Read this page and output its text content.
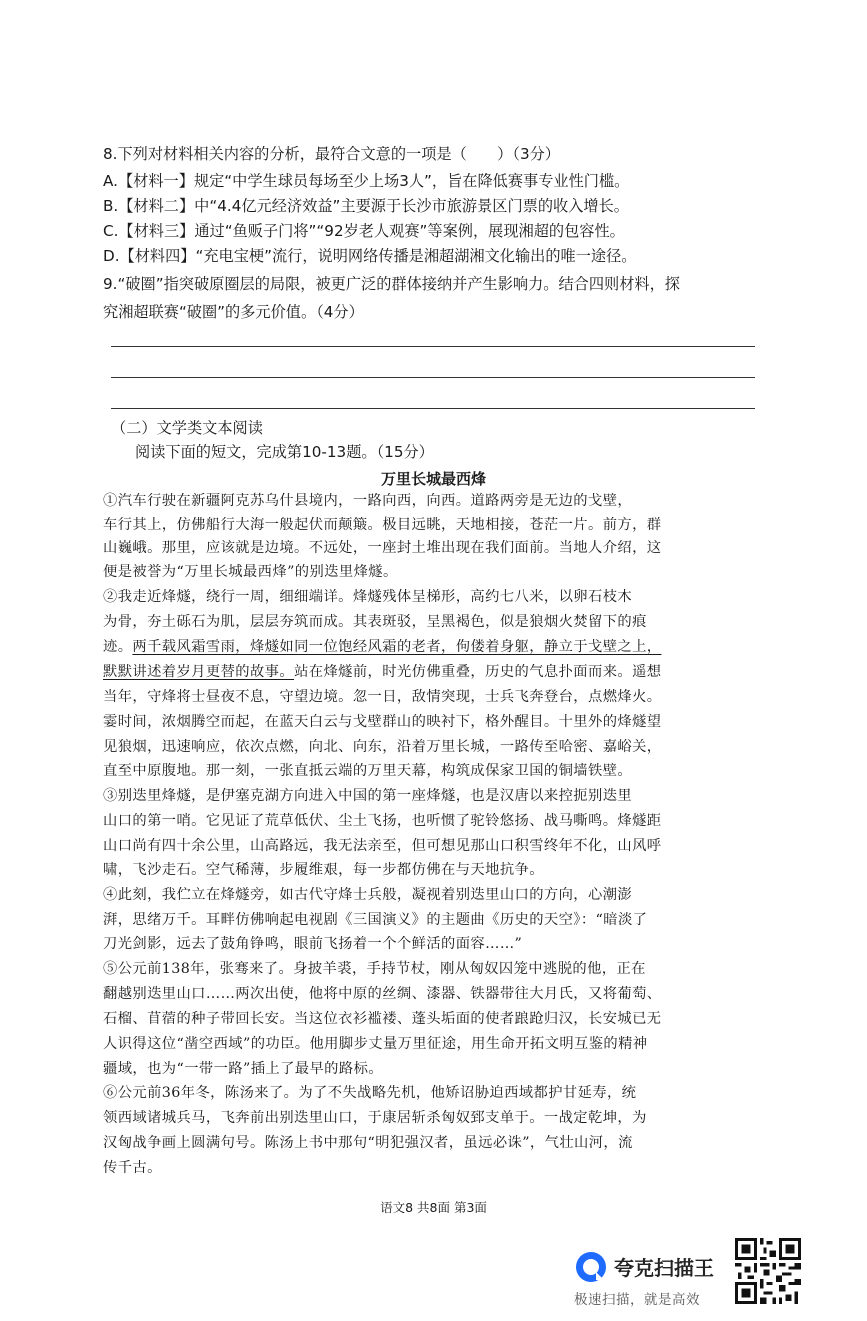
8.下列对材料相关内容的分析，最符合文意的一项是（　　）（3分）
A.【材料一】规定“中学生球员每场至少上场3人”，旨在降低赛事专业性门槛。
B.【材料二】中“4.4亿元经济效益”主要源于长沙市旅游景区门票的收入增长。
C.【材料三】通过“鱼贩子门将”“92岁老人观赛”等案例，展现湘超的包容性。
D.【材料四】“充电宝梗”流行，说明网络传播是湘超湖湘文化输出的唯一途径。
9.“破圈”指突破原圈层的局限，被更广泛的群体接纳并产生影响力。结合四则材料，探
究湘超联赛“破圈”的多元价值。（4分）
（二）文学类文本阅读
阅读下面的短文，完成第10-13题。（15分）
万里长城最西烽
①汽车行驶在新疆阿克苏乌什县境内，一路向西，向西。道路两旁是无边的戈壁，
车行其上，仿佛船行大海一般起伏而颠簸。极目远眺，天地相接，苍茫一片。前方，群
山巍峨。那里，应该就是边境。不远处，一座封土堆出现在我们面前。当地人介绍，这
便是被誉为“万里长城最西烽”的别迭里烽燧。
②我走近烽燧，绕行一周，细细端详。烽燧残体呈梯形，高约七八米，以卵石枝木
为骨，夯土砾石为肌，层层夯筑而成。其表斑驳，呈黑褐色，似是狼烟火焚留下的痕
迹。两千载风霜雪雨，烽燧如同一位饱经风霜的老者，佝偻着身躯，静立于戈壁之上，
默默讲述着岁月更替的故事。站在烽燧前，时光仿佛重叠，历史的气息扑面而来。遥想
当年，守烽将士昼夜不息，守望边境。忽一日，敌情突现，士兵飞奔登台，点燃烽火。
霎时间，浓烟腾空而起，在蓝天白云与戈壁群山的映衬下，格外醒目。十里外的烽燧望
见狼烟，迅速响应，依次点燃，向北、向东，沿着万里长城，一路传至哈密、嘉峪关，
直至中原腹地。那一刻，一张直抵云端的万里天幕，构筑成保家卫国的铜墙铁壁。
③别迭里烽燧，是伊塞克湖方向进入中国的第一座烽燧，也是汉唐以来控扼别迭里
山口的第一哨。它见证了荒草低伏、尘土飞扬，也听惯了驼铃悠扬、战马嘶鸣。烽燧距
山口尚有四十余公里，山高路远，我无法亲至，但可想见那山口积雪终年不化，山风呼
啸，飞沙走石。空气稀薄，步履维艰，每一步都仿佛在与天地抗争。
④此刻，我伫立在烽燧旁，如古代守烽士兵般，凝视着别迭里山口的方向，心潮澎
湃，思绪万千。耳畔仿佛响起电视剧《三国演义》的主题曲《历史的天空》：“暗淡了
刀光剑影，远去了鼓角铮鸣，眼前飞扬着一个个鲜活的面容……”
⑤公元前138年，张骞来了。身披羊裘，手持节杖，刚从匈奴囚笼中逃脱的他，正在
翻越别迭里山口……两次出使，他将中原的丝绸、漆器、铁器带往大月氏，又将葡萄、
石榴、苜蓿的种子带回长安。当这位衣衫褴褛、蓬头垢面的使者踉跄归汉，长安城已无
人识得这位“凿空西域”的功臣。他用脚步丈量万里征途，用生命开拓文明互鉴的精神
疆域，也为“一带一路”插上了最早的路标。
⑥公元前36年冬，陈汤来了。为了不失战略先机，他矫诏胁迫西域都护甘延寿，统
领西域诸城兵马，飞奔前出别迭里山口，于康居斩杀匈奴郅支单于。一战定乾坤，为
汉匈战争画上圆满句号。陈汤上书中那句“明犯强汉者，虽远必诛”，气壮山河，流
传千古。
语文8 共8面 第3面
夸克扫描王
极速扫描，就是高效
